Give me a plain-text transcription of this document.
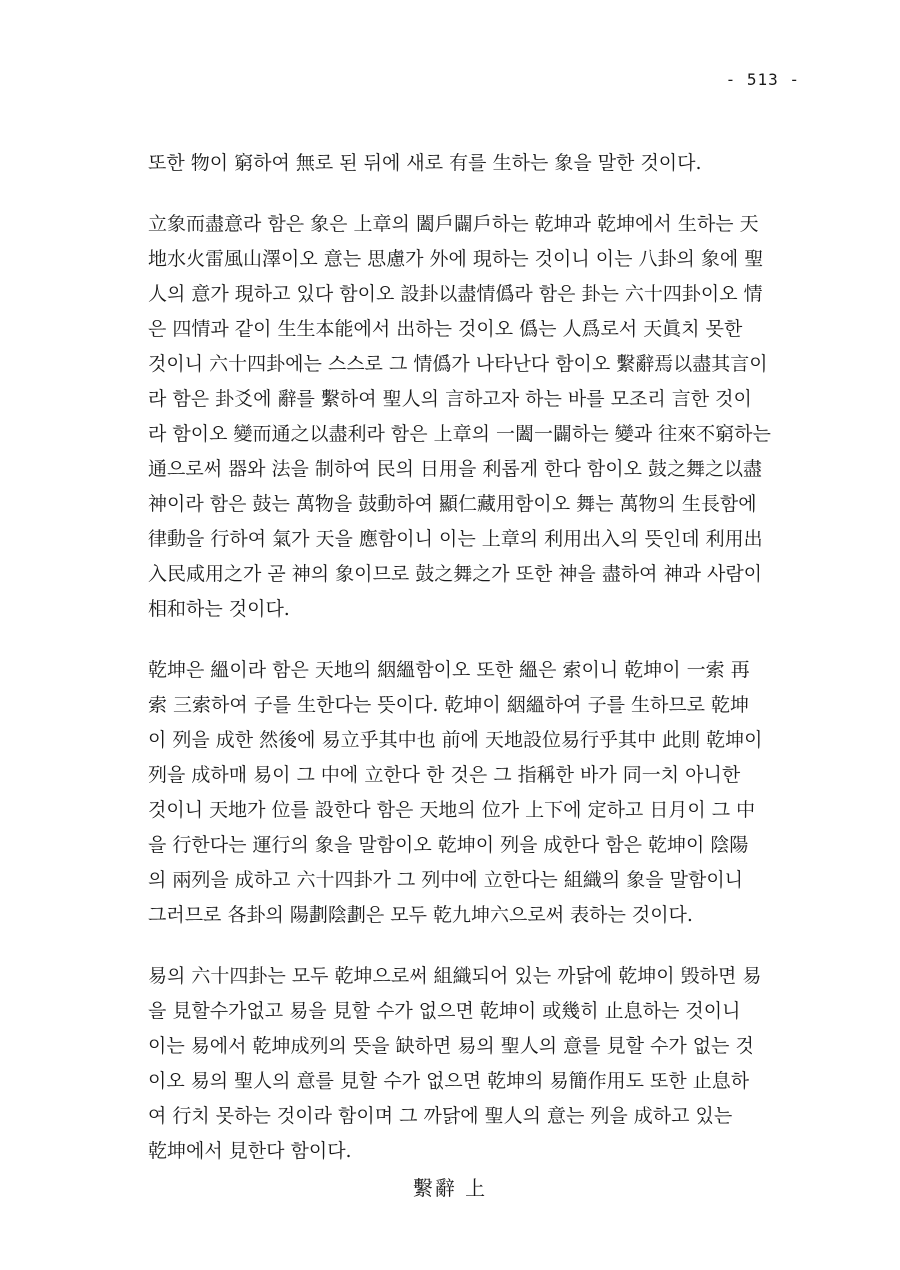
- 513 -

또한 物이 窮하여 無로 된 뒤에 새로 有를 生하는 象을 말한 것이다.

立象而盡意라 함은 象은 上章의 闔戶闢戶하는 乾坤과 乾坤에서 生하는 天
地水火雷風山澤이오 意는 思慮가 外에 現하는 것이니 이는 八卦의 象에 聖
人의 意가 現하고 있다 함이오 設卦以盡情僞라 함은 卦는 六十四卦이오 情
은 四情과 같이 生生本能에서 出하는 것이오 僞는 人爲로서 天眞치 못한
것이니 六十四卦에는 스스로 그 情僞가 나타난다 함이오 繫辭焉以盡其言이
라 함은 卦爻에 辭를 繫하여 聖人의 言하고자 하는 바를 모조리 言한 것이
라 함이오 變而通之以盡利라 함은 上章의 一闔一闢하는 變과 往來不窮하는
通으로써 器와 法을 制하여 民의 日用을 利롭게 한다 함이오 鼓之舞之以盡
神이라 함은 鼓는 萬物을 鼓動하여 顯仁藏用함이오 舞는 萬物의 生長함에
律動을 行하여 氣가 天을 應함이니 이는 上章의 利用出入의 뜻인데 利用出
入民咸用之가 곧 神의 象이므로 鼓之舞之가 또한 神을 盡하여 神과 사람이
相和하는 것이다.

乾坤은 縕이라 함은 天地의 絪縕함이오 또한 縕은 索이니 乾坤이 一索 再
索 三索하여 子를 生한다는 뜻이다. 乾坤이 絪縕하여 子를 生하므로 乾坤
이 列을 成한 然後에 易立乎其中也 前에 天地設位易行乎其中 此則 乾坤이
列을 成하매 易이 그 中에 立한다 한 것은 그 指稱한 바가 同一치 아니한
것이니 天地가 位를 設한다 함은 天地의 位가 上下에 定하고 日月이 그 中
을 行한다는 運行의 象을 말함이오 乾坤이 列을 成한다 함은 乾坤이 陰陽
의 兩列을 成하고 六十四卦가 그 列中에 立한다는 組織의 象을 말함이니
그러므로 各卦의 陽劃陰劃은 모두 乾九坤六으로써 表하는 것이다.

易의 六十四卦는 모두 乾坤으로써 組織되어 있는 까닭에 乾坤이 毁하면 易
을 見할수가없고 易을 見할 수가 없으면 乾坤이 或幾히 止息하는 것이니
이는 易에서 乾坤成列의 뜻을 缺하면 易의 聖人의 意를 見할 수가 없는 것
이오 易의 聖人의 意를 見할 수가 없으면 乾坤의 易簡作用도 또한 止息하
여 行치 못하는 것이라 함이며 그 까닭에 聖人의 意는 列을 成하고 있는
乾坤에서 見한다 함이다.

繫辭 上
